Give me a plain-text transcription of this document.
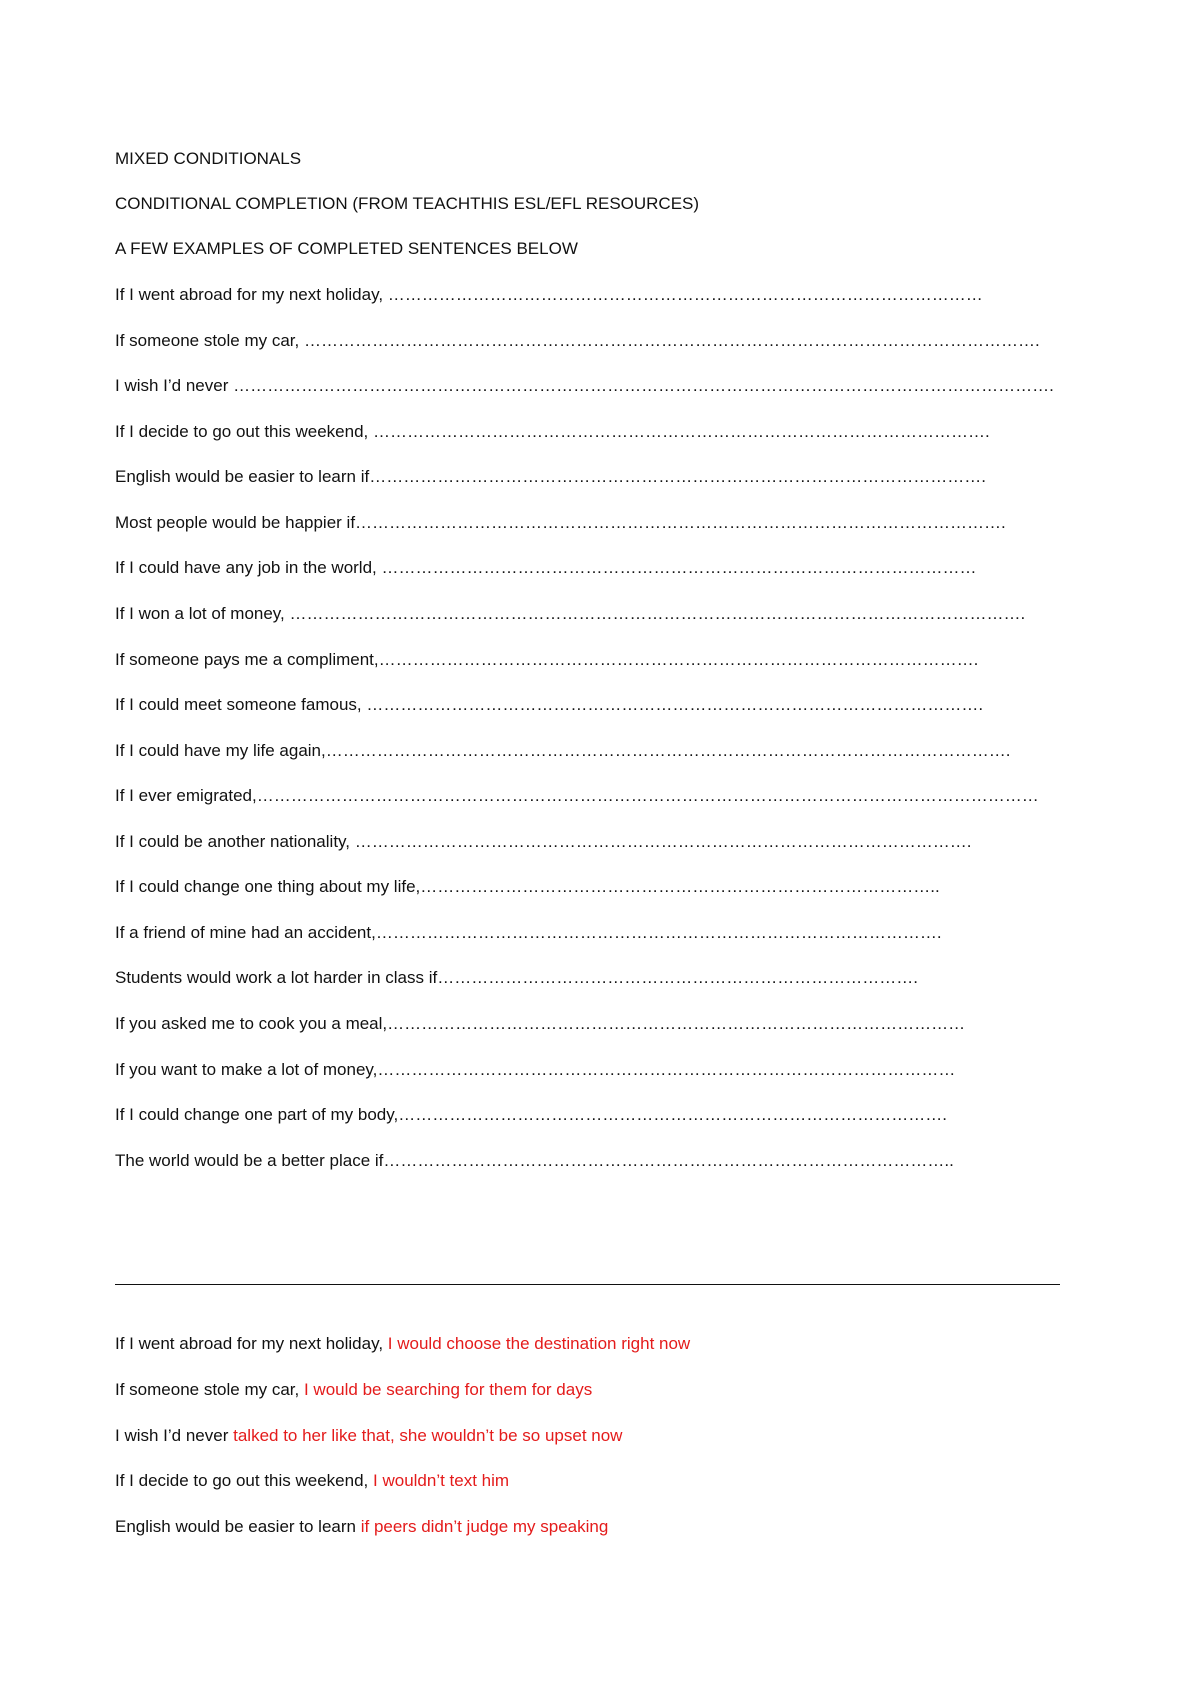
MIXED CONDITIONALS
CONDITIONAL COMPLETION (FROM TEACHTHIS ESL/EFL RESOURCES)
A FEW EXAMPLES OF COMPLETED SENTENCES BELOW
If I went abroad for my next holiday, ……………………………………………………………………………………………
If someone stole my car, ………………………………………………………………………………………………………………….
I wish I’d never ……………………………………………………………………………………………………………………………….
If I decide to go out this weekend, ……………………………………………………………………………………………….
English would be easier to learn if……………………………………………………………………………………………….
Most people would be happier if…………………………………………………………………………………………………….
If I could have any job in the world, ……………………………………………………………………………………………
If I won a lot of money, ………………………………………………………………………………………………………………….
If someone pays me a compliment,…………………………………………………………………………………………….
If I could meet someone famous, ……………………………………………………………………………………………….
If I could have my life again,………………………………………………………………………………………………………….
If I ever emigrated,…………………………………………………………………………………………………………………………
If I could be another nationality, ……………………………………………………………………………………………….
If I could change one thing about my life,………………………………………………………………………………..
If a friend of mine had an accident,……………………………………………………………………………………….
Students would work a lot harder in class if………………………………………………………………………….
If you asked me to cook you a meal,…………………………………………………………………………………………
If you want to make a lot of money,…………………………………………………………………………………………
If I could change one part of my body,…………………………………………………………………………………….
The world would be a better place if………………………………………………………………………………………..
If I went abroad for my next holiday, I would choose the destination right now
If someone stole my car, I would be searching for them for days
I wish I’d never talked to her like that, she wouldn’t be so upset now
If I decide to go out this weekend, I wouldn’t text him
English would be easier to learn if peers didn’t judge my speaking
